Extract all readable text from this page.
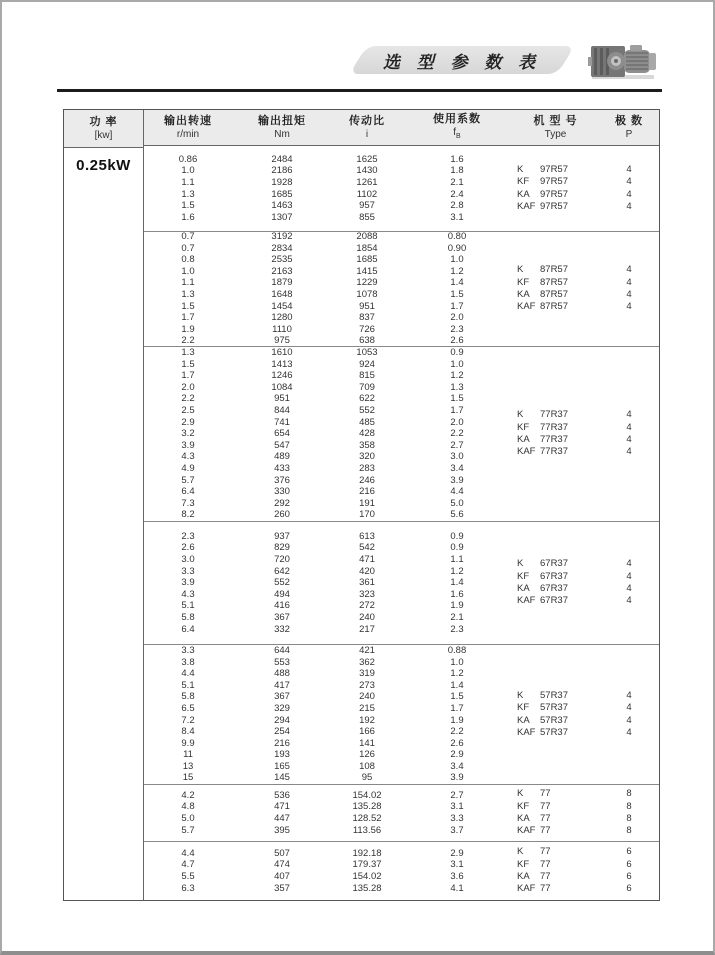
选 型 参 数 表
功 率
[kw]
0.25kW
输出转速
r/min
输出扭矩
Nm
传动比
i
使用系数
$f_B$
机 型 号
Type
极 数
P
0.86
1.0
1.1
1.3
1.5
1.6
2484
2186
1928
1685
1463
1307
1625
1430
1261
1102
957
855
1.6
1.8
2.1
2.4
2.8
3.1
K 97R57
KF 97R57
KA 97R57
KAF 97R57
4
4
4
4
0.7
0.7
0.8
1.0
1.1
1.3
1.5
1.7
1.9
2.2
3192
2834
2535
2163
1879
1648
1454
1280
1110
975
2088
1854
1685
1415
1229
1078
951
837
726
638
0.80
0.90
1.0
1.2
1.4
1.5
1.7
2.0
2.3
2.6
K 87R57
KF 87R57
KA 87R57
KAF 87R57
4
4
4
4
1.3
1.5
1.7
2.0
2.2
2.5
2.9
3.2
3.9
4.3
4.9
5.7
6.4
7.3
8.2
1610
1413
1246
1084
951
844
741
654
547
489
433
376
330
292
260
1053
924
815
709
622
552
485
428
358
320
283
246
216
191
170
0.9
1.0
1.2
1.3
1.5
1.7
2.0
2.2
2.7
3.0
3.4
3.9
4.4
5.0
5.6
K 77R37
KF 77R37
KA 77R37
KAF 77R37
4
4
4
4
2.3
2.6
3.0
3.3
3.9
4.3
5.1
5.8
6.4
937
829
720
642
552
494
416
367
332
613
542
471
420
361
323
272
240
217
0.9
0.9
1.1
1.2
1.4
1.6
1.9
2.1
2.3
K 67R37
KF 67R37
KA 67R37
KAF 67R37
4
4
4
4
3.3
3.8
4.4
5.1
5.8
6.5
7.2
8.4
9.9
11
13
15
644
553
488
417
367
329
294
254
216
193
165
145
421
362
319
273
240
215
192
166
141
126
108
95
0.88
1.0
1.2
1.4
1.5
1.7
1.9
2.2
2.6
2.9
3.4
3.9
K 57R37
KF 57R37
KA 57R37
KAF 57R37
4
4
4
4
4.2
4.8
5.0
5.7
536
471
447
395
154.02
135.28
128.52
113.56
2.7
3.1
3.3
3.7
K 77
KF 77
KA 77
KAF 77
8
8
8
8
4.4
4.7
5.5
6.3
507
474
407
357
192.18
179.37
154.02
135.28
2.9
3.1
3.6
4.1
K 77
KF 77
KA 77
KAF 77
6
6
6
6
